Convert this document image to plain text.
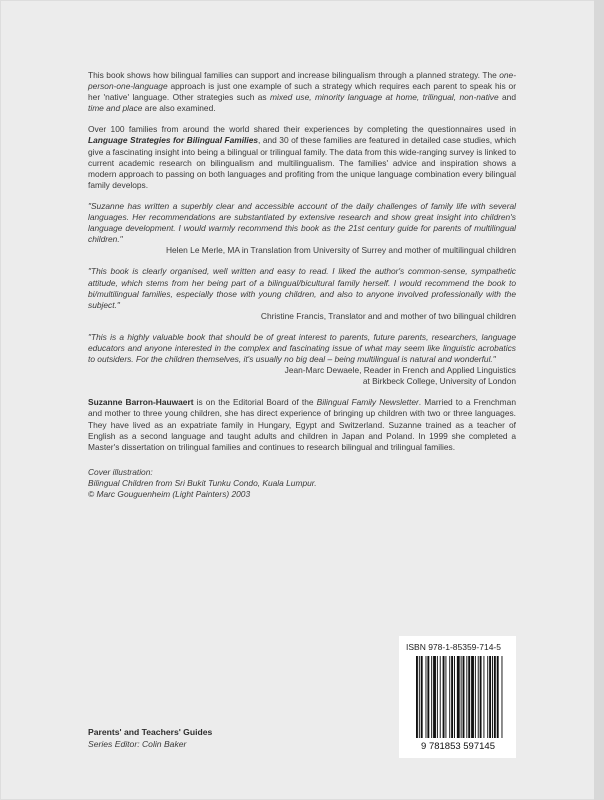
This book shows how bilingual families can support and increase bilingualism through a planned strategy. The one-person-one-language approach is just one example of such a strategy which requires each parent to speak his or her 'native' language. Other strategies such as mixed use, minority language at home, trilingual, non-native and time and place are also examined.

Over 100 families from around the world shared their experiences by completing the questionnaires used in Language Strategies for Bilingual Families, and 30 of these families are featured in detailed case studies, which give a fascinating insight into being a bilingual or trilingual family. The data from this wide-ranging survey is linked to current academic research on bilingualism and multilingualism. The families' advice and inspiration shows a modern approach to passing on both languages and profiting from the unique language combination every bilingual family develops.

"Suzanne has written a superbly clear and accessible account of the daily challenges of family life with several languages. Her recommendations are substantiated by extensive research and show great insight into children's language development. I would warmly recommend this book as the 21st century guide for parents of multilingual children."
Helen Le Merle, MA in Translation from University of Surrey and mother of multilingual children
"This book is clearly organised, well written and easy to read. I liked the author's common-sense, sympathetic attitude, which stems from her being part of a bilingual/bicultural family herself. I would recommend the book to bi/multilingual families, especially those with young children, and also to anyone involved professionally with the subject."
Christine Francis, Translator and and mother of two bilingual children
"This is a highly valuable book that should be of great interest to parents, future parents, researchers, language educators and anyone interested in the complex and fascinating issue of what may seem like linguistic acrobatics to outsiders. For the children themselves, it's usually no big deal – being multilingual is natural and wonderful."
Jean-Marc Dewaele, Reader in French and Applied Linguistics
at Birkbeck College, University of London

Suzanne Barron-Hauwaert is on the Editorial Board of the Bilingual Family Newsletter. Married to a Frenchman and mother to three young children, she has direct experience of bringing up children with two or three languages. They have lived as an expatriate family in Hungary, Egypt and Switzerland. Suzanne trained as a teacher of English as a second language and taught adults and children in Japan and Poland. In 1999 she completed a Master's dissertation on trilingual families and continues to research bilingual and trilingual families.

Cover illustration:
Bilingual Children from Sri Bukit Tunku Condo, Kuala Lumpur.
© Marc Gouguenheim (Light Painters) 2003
ISBN 978-1-85359-714-5
9 781853 597145
Parents' and Teachers' Guides
Series Editor: Colin Baker
